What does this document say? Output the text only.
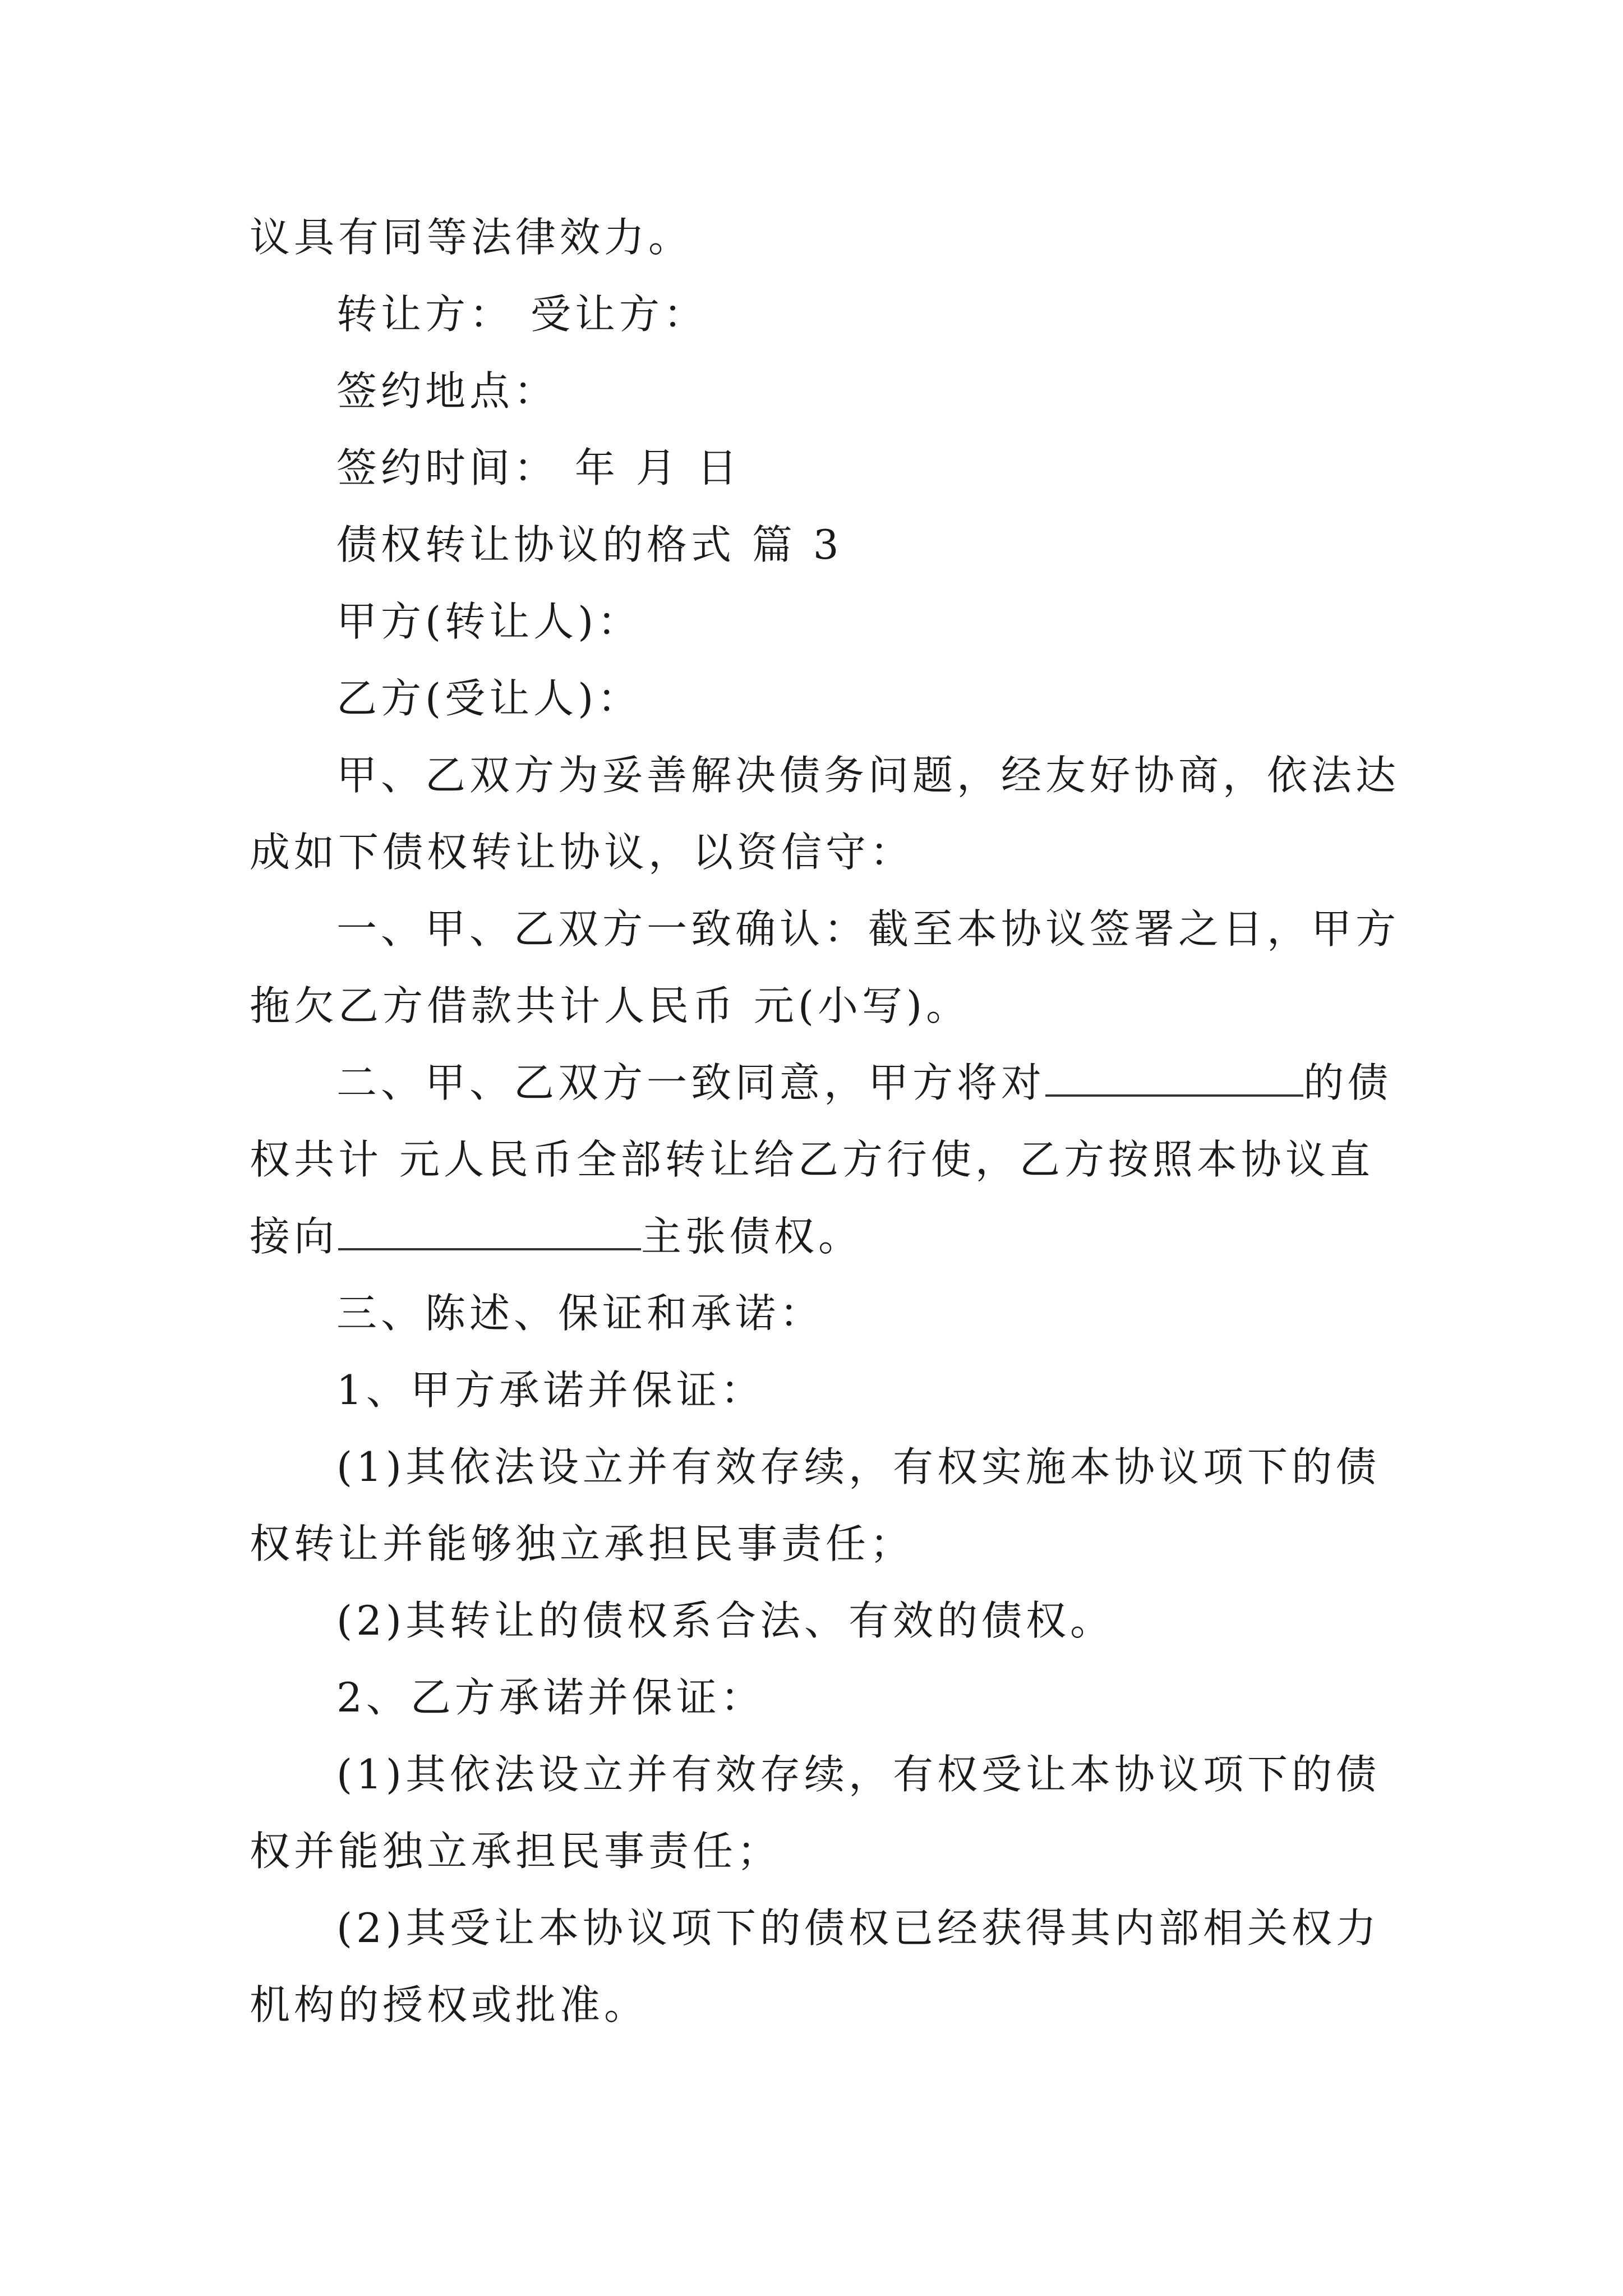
议具有同等法律效力。

转让方： 受让方：

签约地点：

签约时间： 年 月 日

债权转让协议的格式 篇 3

甲方(转让人)：

乙方(受让人)：

甲、乙双方为妥善解决债务问题，经友好协商，依法达

成如下债权转让协议，以资信守：

一、甲、乙双方一致确认：截至本协议签署之日，甲方

拖欠乙方借款共计人民币 元(小写)。

二、甲、乙双方一致同意，甲方将对	的债

权共计 元人民币全部转让给乙方行使，乙方按照本协议直

接向	主张债权。

三、陈述、保证和承诺：

1、甲方承诺并保证：

(1)其依法设立并有效存续，有权实施本协议项下的债

权转让并能够独立承担民事责任；

(2)其转让的债权系合法、有效的债权。

2、乙方承诺并保证：

(1)其依法设立并有效存续，有权受让本协议项下的债

权并能独立承担民事责任；

(2)其受让本协议项下的债权已经获得其内部相关权力

机构的授权或批准。
